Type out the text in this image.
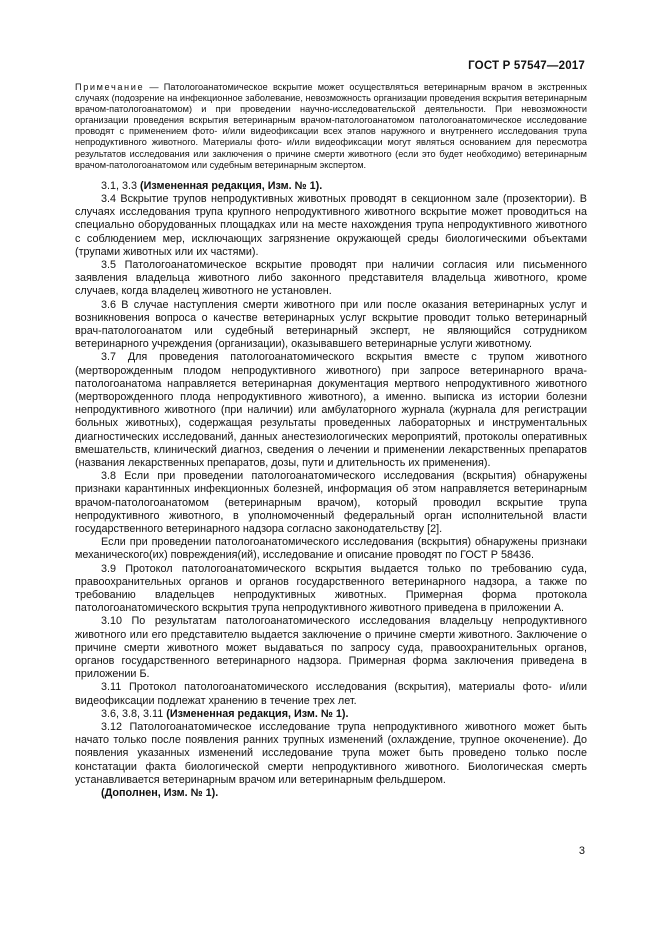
ГОСТ Р 57547—2017

Примечание — Патологоанатомическое вскрытие может осуществляться ветеринарным врачом в экстренных случаях (подозрение на инфекционное заболевание, невозможность организации проведения вскрытия ветеринарным врачом-патологоанатомом) и при проведении научно-исследовательской деятельности. При невозможности организации проведения вскрытия ветеринарным врачом-патологоанатомом патологоанатомическое исследование проводят с применением фото- и/или видеофиксации всех этапов наружного и внутреннего исследования трупа непродуктивного животного. Материалы фото- и/или видеофиксации могут являться основанием для пересмотра результатов исследования или заключения о причине смерти животного (если это будет необходимо) ветеринарным врачом-патологоанатомом или судебным ветеринарным экспертом.

3.1, 3.3 (Измененная редакция, Изм. № 1).

3.4 Вскрытие трупов непродуктивных животных проводят в секционном зале (прозектории). В случаях исследования трупа крупного непродуктивного животного вскрытие может проводиться на специально оборудованных площадках или на месте нахождения трупа непродуктивного животного с соблюдением мер, исключающих загрязнение окружающей среды биологическими объектами (трупами животных или их частями).

3.5 Патологоанатомическое вскрытие проводят при наличии согласия или письменного заявления владельца животного либо законного представителя владельца животного, кроме случаев, когда владелец животного не установлен.

3.6 В случае наступления смерти животного при или после оказания ветеринарных услуг и возникновения вопроса о качестве ветеринарных услуг вскрытие проводит только ветеринарный врач-патологоанатом или судебный ветеринарный эксперт, не являющийся сотрудником ветеринарного учреждения (организации), оказывавшего ветеринарные услуги животному.

3.7 Для проведения патологоанатомического вскрытия вместе с трупом животного (мертворожденным плодом непродуктивного животного) при запросе ветеринарного врача-патологоанатома направляется ветеринарная документация мертвого непродуктивного животного (мертворожденного плода непродуктивного животного), а именно. выписка из истории болезни непродуктивного животного (при наличии) или амбулаторного журнала (журнала для регистрации больных животных), содержащая результаты проведенных лабораторных и инструментальных диагностических исследований, данных анестезиологических мероприятий, протоколы оперативных вмешательств, клинический диагноз, сведения о лечении и применении лекарственных препаратов (названия лекарственных препаратов, дозы, пути и длительность их применения).

3.8 Если при проведении патологоанатомического исследования (вскрытия) обнаружены признаки карантинных инфекционных болезней, информация об этом направляется ветеринарным врачом-патологоанатомом (ветеринарным врачом), который проводил вскрытие трупа непродуктивного животного, в уполномоченный федеральный орган исполнительной власти государственного ветеринарного надзора согласно законодательству [2].

Если при проведении патологоанатомического исследования (вскрытия) обнаружены признаки механического(их) повреждения(ий), исследование и описание проводят по ГОСТ Р 58436.

3.9 Протокол патологоанатомического вскрытия выдается только по требованию суда, правоохранительных органов и органов государственного ветеринарного надзора, а также по требованию владельцев непродуктивных животных. Примерная форма протокола патологоанатомического вскрытия трупа непродуктивного животного приведена в приложении А.

3.10 По результатам патологоанатомического исследования владельцу непродуктивного животного или его представителю выдается заключение о причине смерти животного. Заключение о причине смерти животного может выдаваться по запросу суда, правоохранительных органов, органов государственного ветеринарного надзора. Примерная форма заключения приведена в приложении Б.

3.11 Протокол патологоанатомического исследования (вскрытия), материалы фото- и/или видеофиксации подлежат хранению в течение трех лет.

3.6, 3.8, 3.11 (Измененная редакция, Изм. № 1).

3.12 Патологоанатомическое исследование трупа непродуктивного животного может быть начато только после появления ранних трупных изменений (охлаждение, трупное окоченение). До появления указанных изменений исследование трупа может быть проведено только после констатации факта биологической смерти непродуктивного животного. Биологическая смерть устанавливается ветеринарным врачом или ветеринарным фельдшером.

(Дополнен, Изм. № 1).

3
